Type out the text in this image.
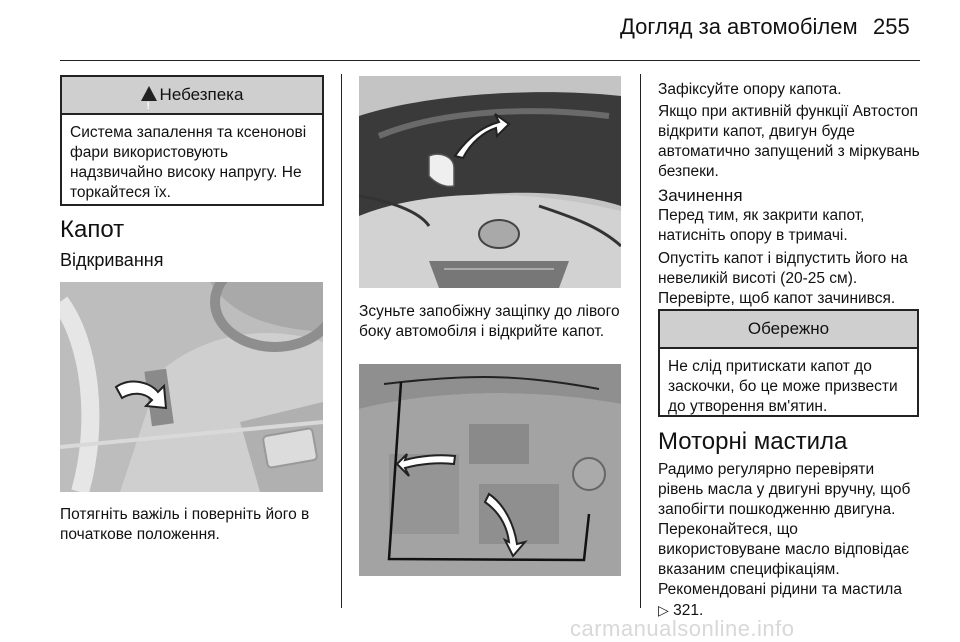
Догляд за автомобілем 255
!
Небезпека
Система запалення та ксенонові фари використовують надзвичайно високу напругу. Не торкайтеся їх.
Капот
Відкривання
Потягніть важіль і поверніть його в початкове положення.
Зсуньте запобіжну защіпку до лівого боку автомобіля і відкрийте капот.
Зафіксуйте опору капота.
Якщо при активній функції Автостоп відкрити капот, двигун буде автоматично запущений з міркувань безпеки.
Зачинення
Перед тим, як закрити капот, натисніть опору в тримачі.
Опустіть капот і відпустить його на невеликій висоті (20-25 см). Перевірте, щоб капот зачинився.
Обережно
Не слід притискати капот до заскочки, бо це може призвести до утворення вм'ятин.
Моторні мастила
Радимо регулярно перевіряти рівень масла у двигуні вручну, щоб запобігти пошкодженню двигуна. Переконайтеся, що використовуване масло відповідає вказаним специфікаціям. Рекомендовані рідини та мастила
▷ 321.
carmanualsonline.info
